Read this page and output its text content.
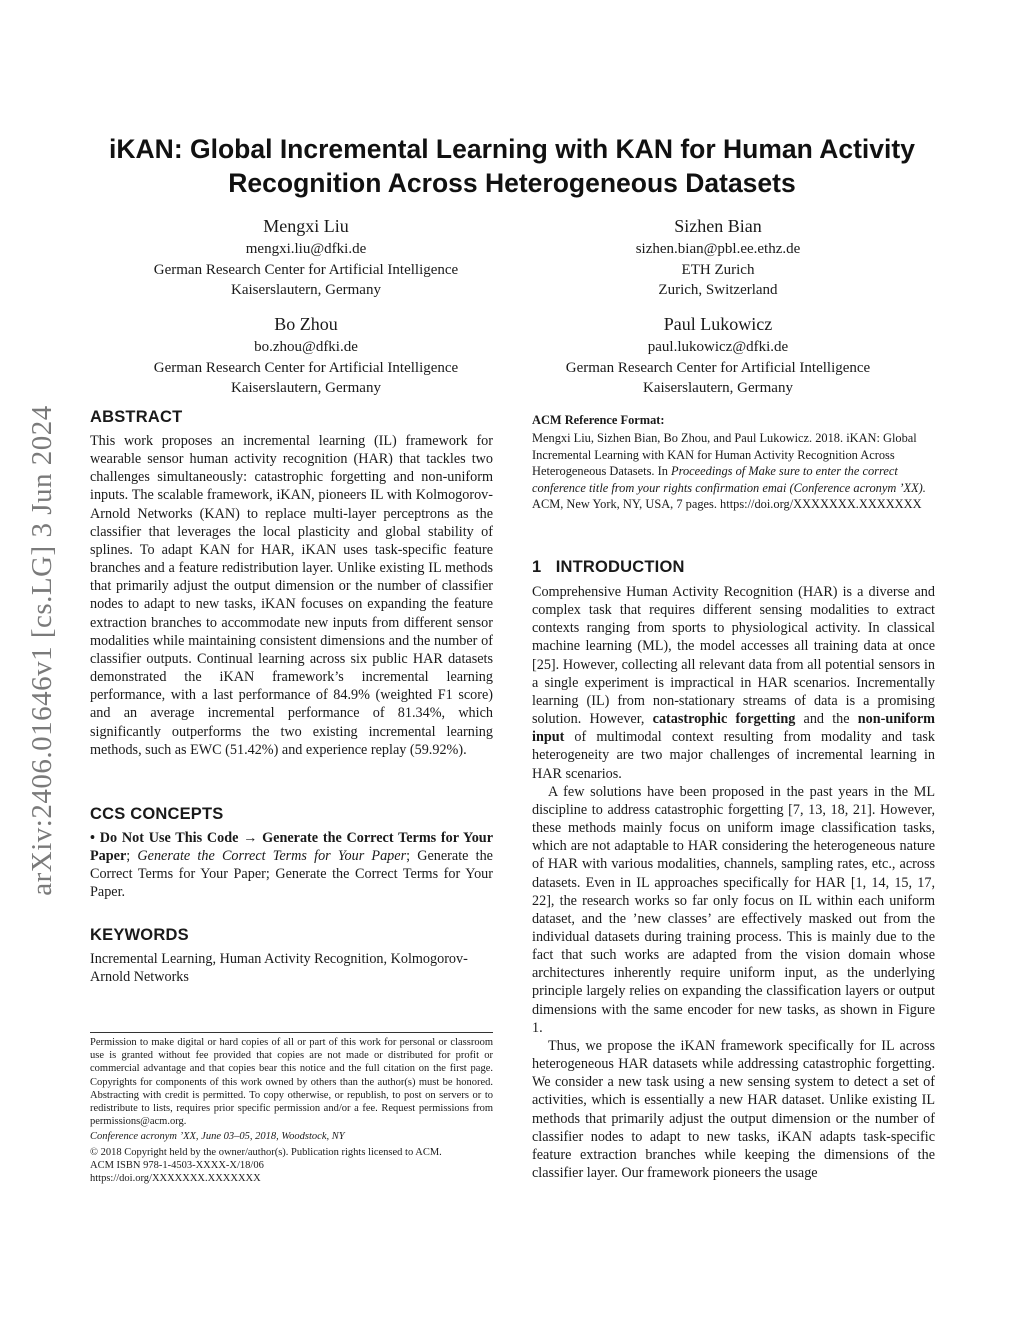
arXiv:2406.01646v1 [cs.LG] 3 Jun 2024
iKAN: Global Incremental Learning with KAN for Human Activity Recognition Across Heterogeneous Datasets
Mengxi Liu
mengxi.liu@dfki.de
German Research Center for Artificial Intelligence
Kaiserslautern, Germany
Sizhen Bian
sizhen.bian@pbl.ee.ethz.de
ETH Zurich
Zurich, Switzerland
Bo Zhou
bo.zhou@dfki.de
German Research Center for Artificial Intelligence
Kaiserslautern, Germany
Paul Lukowicz
paul.lukowicz@dfki.de
German Research Center for Artificial Intelligence
Kaiserslautern, Germany
ABSTRACT

This work proposes an incremental learning (IL) framework for wearable sensor human activity recognition (HAR) that tackles two challenges simultaneously: catastrophic forgetting and non-uniform inputs. The scalable framework, iKAN, pioneers IL with Kolmogorov-Arnold Networks (KAN) to replace multi-layer perceptrons as the classifier that leverages the local plasticity and global stability of splines. To adapt KAN for HAR, iKAN uses task-specific feature branches and a feature redistribution layer. Unlike existing IL methods that primarily adjust the output dimension or the number of classifier nodes to adapt to new tasks, iKAN focuses on expanding the feature extraction branches to accommodate new inputs from different sensor modalities while maintaining consistent dimensions and the number of classifier outputs. Continual learning across six public HAR datasets demonstrated the iKAN framework’s incremental learning performance, with a last performance of 84.9% (weighted F1 score) and an average incremental performance of 81.34%, which significantly outperforms the two existing incremental learning methods, such as EWC (51.42%) and experience replay (59.92%).

CCS CONCEPTS

• Do Not Use This Code → Generate the Correct Terms for Your Paper; Generate the Correct Terms for Your Paper; Generate the Correct Terms for Your Paper; Generate the Correct Terms for Your Paper.

KEYWORDS

Incremental Learning, Human Activity Recognition, Kolmogorov-Arnold Networks

Permission to make digital or hard copies of all or part of this work for personal or classroom use is granted without fee provided that copies are not made or distributed for profit or commercial advantage and that copies bear this notice and the full citation on the first page. Copyrights for components of this work owned by others than the author(s) must be honored. Abstracting with credit is permitted. To copy otherwise, or republish, to post on servers or to redistribute to lists, requires prior specific permission and/or a fee. Request permissions from permissions@acm.org.

Conference acronym ’XX, June 03–05, 2018, Woodstock, NY
© 2018 Copyright held by the owner/author(s). Publication rights licensed to ACM.
ACM ISBN 978-1-4503-XXXX-X/18/06
https://doi.org/XXXXXXX.XXXXXXX
ACM Reference Format:

Mengxi Liu, Sizhen Bian, Bo Zhou, and Paul Lukowicz. 2018. iKAN: Global Incremental Learning with KAN for Human Activity Recognition Across Heterogeneous Datasets. In Proceedings of Make sure to enter the correct conference title from your rights confirmation emai (Conference acronym ’XX). ACM, New York, NY, USA, 7 pages. https://doi.org/XXXXXXX.XXXXXXX

1   INTRODUCTION

Comprehensive Human Activity Recognition (HAR) is a diverse and complex task that requires different sensing modalities to extract contexts ranging from sports to physiological activity. In classical machine learning (ML), the model accesses all training data at once [25]. However, collecting all relevant data from all potential sensors in a single experiment is impractical in HAR scenarios. Incrementally learning (IL) from non-stationary streams of data is a promising solution. However, catastrophic forgetting and the non-uniform input of multimodal context resulting from modality and task heterogeneity are two major challenges of incremental learning in HAR scenarios.

A few solutions have been proposed in the past years in the ML discipline to address catastrophic forgetting [7, 13, 18, 21]. However, these methods mainly focus on uniform image classification tasks, which are not adaptable to HAR considering the heterogeneous nature of HAR with various modalities, channels, sampling rates, etc., across datasets. Even in IL approaches specifically for HAR [1, 14, 15, 17, 22], the research works so far only focus on IL within each uniform dataset, and the ’new classes’ are effectively masked out from the individual datasets during training process. This is mainly due to the fact that such works are adapted from the vision domain whose architectures inherently require uniform input, as the underlying principle largely relies on expanding the classification layers or output dimensions with the same encoder for new tasks, as shown in Figure 1.

Thus, we propose the iKAN framework specifically for IL across heterogeneous HAR datasets while addressing catastrophic forgetting. We consider a new task using a new sensing system to detect a set of activities, which is essentially a new HAR dataset. Unlike existing IL methods that primarily adjust the output dimension or the number of classifier nodes to adapt to new tasks, iKAN adapts task-specific feature extraction branches while keeping the dimensions of the classifier layer. Our framework pioneers the usage
